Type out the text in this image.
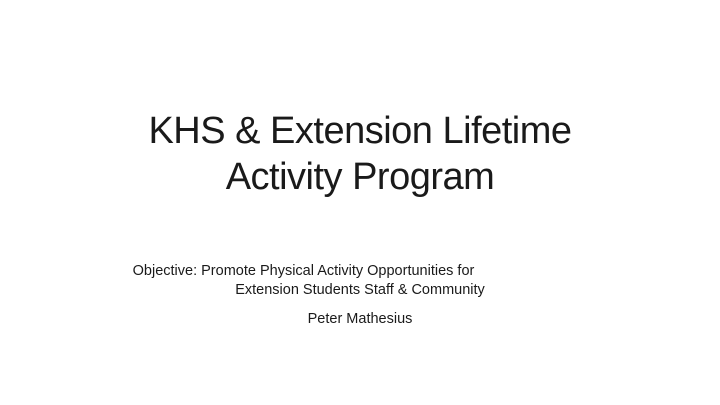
KHS & Extension Lifetime
Activity Program

Objective: Promote Physical Activity Opportunities for
Extension Students Staff & Community

Peter Mathesius
